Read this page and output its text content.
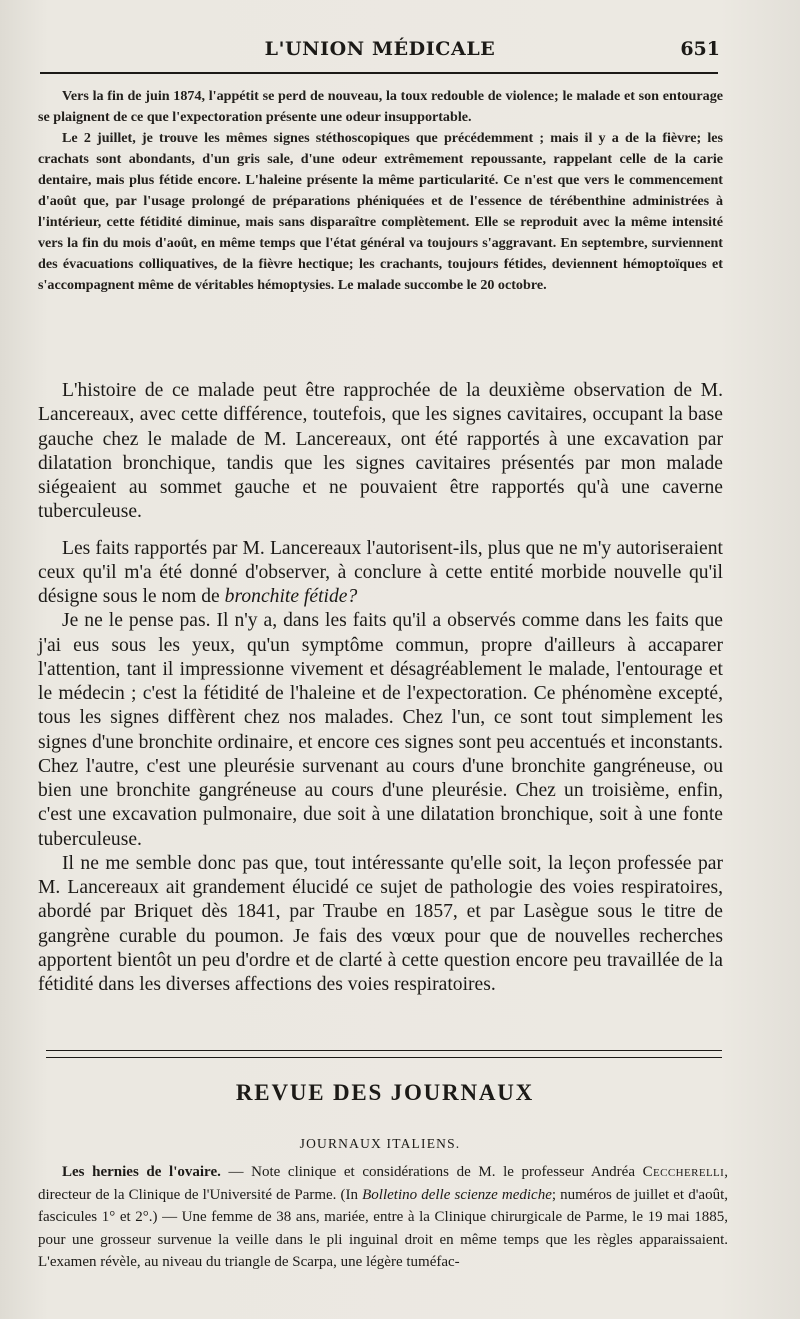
L'UNION MÉDICALE	651

Vers la fin de juin 1874, l'appétit se perd de nouveau, la toux redouble de violence; le malade et son entourage se plaignent de ce que l'expectoration présente une odeur insupportable.

Le 2 juillet, je trouve les mêmes signes stéthoscopiques que précédemment ; mais il y a de la fièvre; les crachats sont abondants, d'un gris sale, d'une odeur extrêmement repoussante, rappelant celle de la carie dentaire, mais plus fétide encore. L'haleine présente la même particularité. Ce n'est que vers le commencement d'août que, par l'usage prolongé de préparations phéniquées et de l'essence de térébenthine administrées à l'intérieur, cette fétidité diminue, mais sans disparaître complètement. Elle se reproduit avec la même intensité vers la fin du mois d'août, en même temps que l'état général va toujours s'aggravant. En septembre, surviennent des évacuations colliquatives, de la fièvre hectique; les crachants, toujours fétides, deviennent hémoptoïques et s'accompagnent même de véritables hémoptysies. Le malade succombe le 20 octobre.

L'histoire de ce malade peut être rapprochée de la deuxième observation de M. Lancereaux, avec cette différence, toutefois, que les signes cavitaires, occupant la base gauche chez le malade de M. Lancereaux, ont été rapportés à une excavation par dilatation bronchique, tandis que les signes cavitaires présentés par mon malade siégeaient au sommet gauche et ne pouvaient être rapportés qu'à une caverne tuberculeuse.

Les faits rapportés par M. Lancereaux l'autorisent-ils, plus que ne m'y autoriseraient ceux qu'il m'a été donné d'observer, à conclure à cette entité morbide nouvelle qu'il désigne sous le nom de bronchite fétide?

Je ne le pense pas. Il n'y a, dans les faits qu'il a observés comme dans les faits que j'ai eus sous les yeux, qu'un symptôme commun, propre d'ailleurs à accaparer l'attention, tant il impressionne vivement et désagréablement le malade, l'entourage et le médecin ; c'est la fétidité de l'haleine et de l'expectoration. Ce phénomène excepté, tous les signes diffèrent chez nos malades. Chez l'un, ce sont tout simplement les signes d'une bronchite ordinaire, et encore ces signes sont peu accentués et inconstants. Chez l'autre, c'est une pleurésie survenant au cours d'une bronchite gangréneuse, ou bien une bronchite gangréneuse au cours d'une pleurésie. Chez un troisième, enfin, c'est une excavation pulmonaire, due soit à une dilatation bronchique, soit à une fonte tuberculeuse.

Il ne me semble donc pas que, tout intéressante qu'elle soit, la leçon professée par M. Lancereaux ait grandement élucidé ce sujet de pathologie des voies respiratoires, abordé par Briquet dès 1841, par Traube en 1857, et par Lasègue sous le titre de gangrène curable du poumon. Je fais des vœux pour que de nouvelles recherches apportent bientôt un peu d'ordre et de clarté à cette question encore peu travaillée de la fétidité dans les diverses affections des voies respiratoires.

REVUE DES JOURNAUX
JOURNAUX ITALIENS.

Les hernies de l'ovaire. — Note clinique et considérations de M. le professeur Andréa Ceccherelli, directeur de la Clinique de l'Université de Parme. (In Bolletino delle scienze mediche; numéros de juillet et d'août, fascicules 1° et 2°.) — Une femme de 38 ans, mariée, entre à la Clinique chirurgicale de Parme, le 19 mai 1885, pour une grosseur survenue la veille dans le pli inguinal droit en même temps que les règles apparaissaient. L'examen révèle, au niveau du triangle de Scarpa, une légère tuméfac-
